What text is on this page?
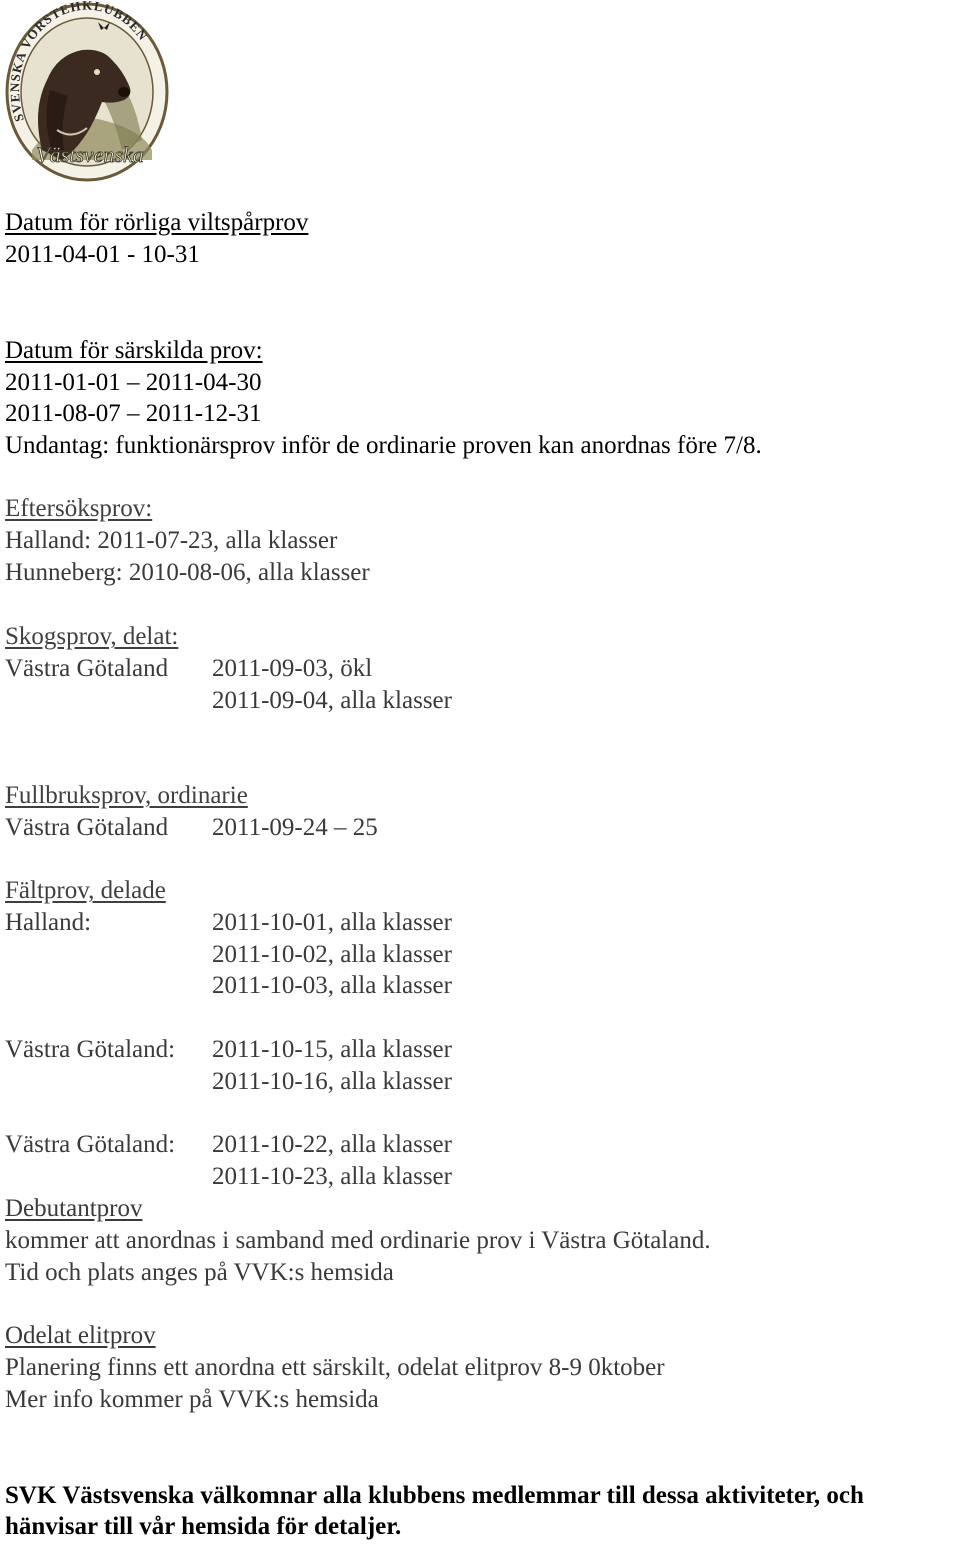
SVENSKA VORSTEHKLUBBEN
Västsvenska
Datum för rörliga viltspårprov
2011-04-01 - 10-31
Datum för särskilda prov:
2011-01-01 – 2011-04-30
2011-08-07 – 2011-12-31
Undantag: funktionärsprov inför de ordinarie proven kan anordnas före 7/8.
Eftersöksprov:
Halland: 2011-07-23, alla klasser
Hunneberg: 2010-08-06, alla klasser
Skogsprov, delat:
Västra Götaland 2011-09-03, ökl
2011-09-04, alla klasser
Fullbruksprov, ordinarie
Västra Götaland 2011-09-24 – 25
Fältprov, delade
Halland:	2011-10-01, alla klasser
2011-10-02, alla klasser
2011-10-03, alla klasser
Västra Götaland: 2011-10-15, alla klasser
2011-10-16, alla klasser
Västra Götaland: 2011-10-22, alla klasser
2011-10-23, alla klasser
Debutantprov
kommer att anordnas i samband med ordinarie prov i Västra Götaland.
Tid och plats anges på VVK:s hemsida
Odelat elitprov
Planering finns ett anordna ett särskilt, odelat elitprov 8-9 0ktober
Mer info kommer på VVK:s hemsida
SVK Västsvenska välkomnar alla klubbens medlemmar till dessa aktiviteter, och
hänvisar till vår hemsida för detaljer.
